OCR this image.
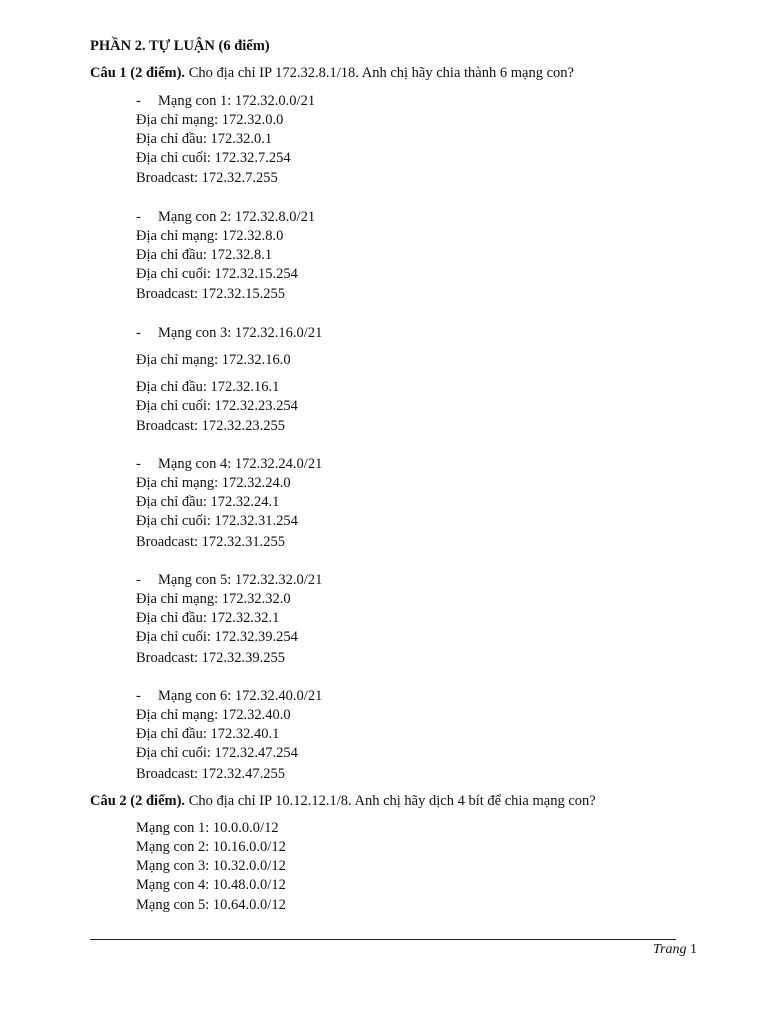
PHẦN 2. TỰ LUẬN (6 điểm)
Câu 1 (2 điểm). Cho địa chỉ IP 172.32.8.1/18. Anh chị hãy chia thành 6 mạng con?
- Mạng con 1: 172.32.0.0/21
Địa chỉ mạng: 172.32.0.0
Địa chỉ đầu: 172.32.0.1
Địa chỉ cuối: 172.32.7.254
Broadcast: 172.32.7.255
- Mạng con 2: 172.32.8.0/21
Địa chỉ mạng: 172.32.8.0
Địa chỉ đầu: 172.32.8.1
Địa chỉ cuối: 172.32.15.254
Broadcast: 172.32.15.255
- Mạng con 3: 172.32.16.0/21
Địa chỉ mạng: 172.32.16.0
Địa chỉ đầu: 172.32.16.1
Địa chỉ cuối: 172.32.23.254
Broadcast: 172.32.23.255
- Mạng con 4: 172.32.24.0/21
Địa chỉ mạng: 172.32.24.0
Địa chỉ đầu: 172.32.24.1
Địa chỉ cuối: 172.32.31.254
Broadcast: 172.32.31.255
- Mạng con 5: 172.32.32.0/21
Địa chỉ mạng: 172.32.32.0
Địa chỉ đầu: 172.32.32.1
Địa chỉ cuối: 172.32.39.254
Broadcast: 172.32.39.255
- Mạng con 6: 172.32.40.0/21
Địa chỉ mạng: 172.32.40.0
Địa chỉ đầu: 172.32.40.1
Địa chỉ cuối: 172.32.47.254
Broadcast: 172.32.47.255
Câu 2 (2 điểm). Cho địa chỉ IP 10.12.12.1/8. Anh chị hãy dịch 4 bít để chia mạng con?
Mạng con 1: 10.0.0.0/12
Mạng con 2: 10.16.0.0/12
Mạng con 3: 10.32.0.0/12
Mạng con 4: 10.48.0.0/12
Mạng con 5: 10.64.0.0/12
Trang 1
